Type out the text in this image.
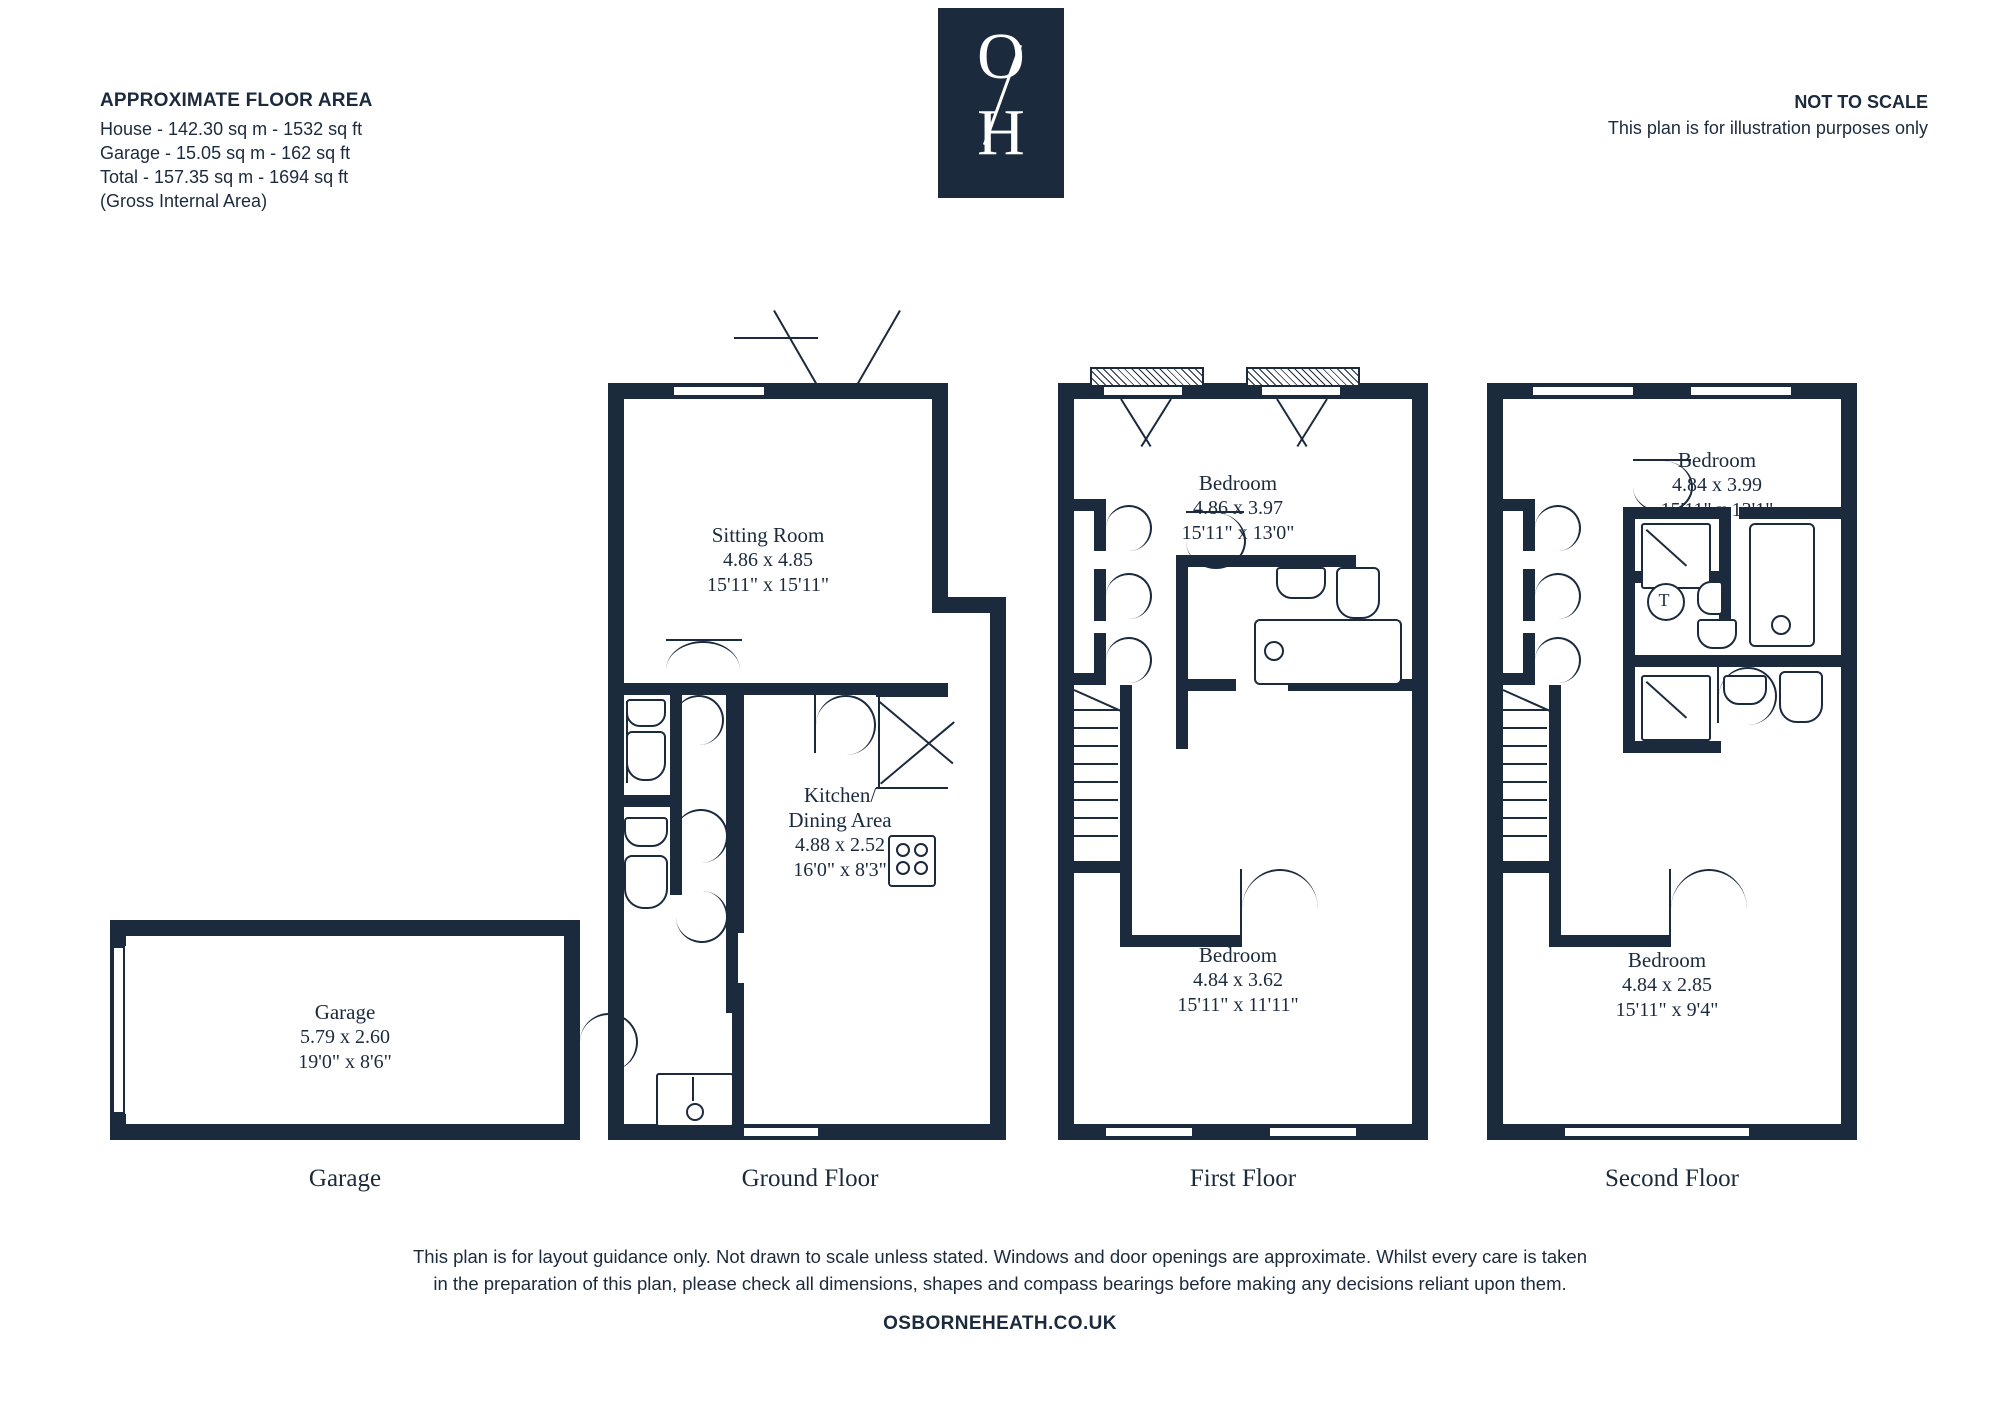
APPROXIMATE FLOOR AREA
House - 142.30 sq m - 1532 sq ft
Garage - 15.05 sq m - 162 sq ft
Total - 157.35 sq m - 1694 sq ft
(Gross Internal Area)
O
H	NOT TO SCALE
This plan is for illustration purposes only
Garage
5.79 x 2.60
19'0" x 8'6"
Garage
Sitting Room
4.86 x 4.85
15'11" x 15'11"
Kitchen/
Dining Area
4.88 x 2.52
16'0" x 8'3"
Ground Floor
Bedroom
4.86 x 3.97
15'11" x 13'0"
Bedroom
4.84 x 3.62
15'11" x 11'11"
First Floor
T
Bedroom
4.84 x 3.99
15'11" x 13'1"
Bedroom
4.84 x 2.85
15'11" x 9'4"
Second Floor
This plan is for layout guidance only. Not drawn to scale unless stated. Windows and door openings are approximate. Whilst every care is taken
in the preparation of this plan, please check all dimensions, shapes and compass bearings before making any decisions reliant upon them.
OSBORNEHEATH.CO.UK
